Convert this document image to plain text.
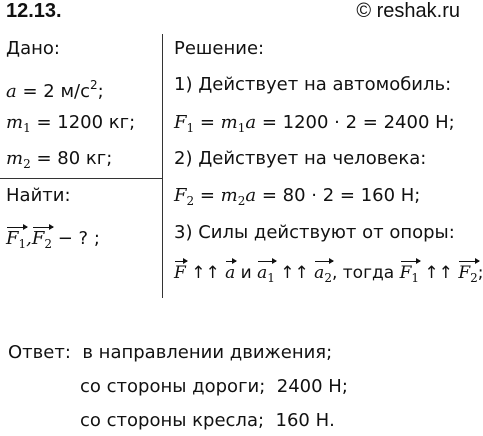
12.13.	© reshak.ru
Дано:
a = 2 $м/с^2$;
$m_1 = 1200$ кг;
$m_2 = 80$ кг;
Найти:
$F_1,F_2$ − ? ;
Решение:
1) Действует на автомобиль:
$F_1 = m_1a = 1200 \cdot 2 = 2400$ Н;
2) Действует на человека:
$F_2 = m_2a = 80 \cdot 2 = 160$ Н;
3) Силы действуют от опоры:
F ↑↑ a и $a_1$ ↑↑ $a_2$, тогда $F_1$ ↑↑ $F_2$;
Ответ: в направлении движения;
со стороны дороги; 2400 Н;
со стороны кресла; 160 Н.
